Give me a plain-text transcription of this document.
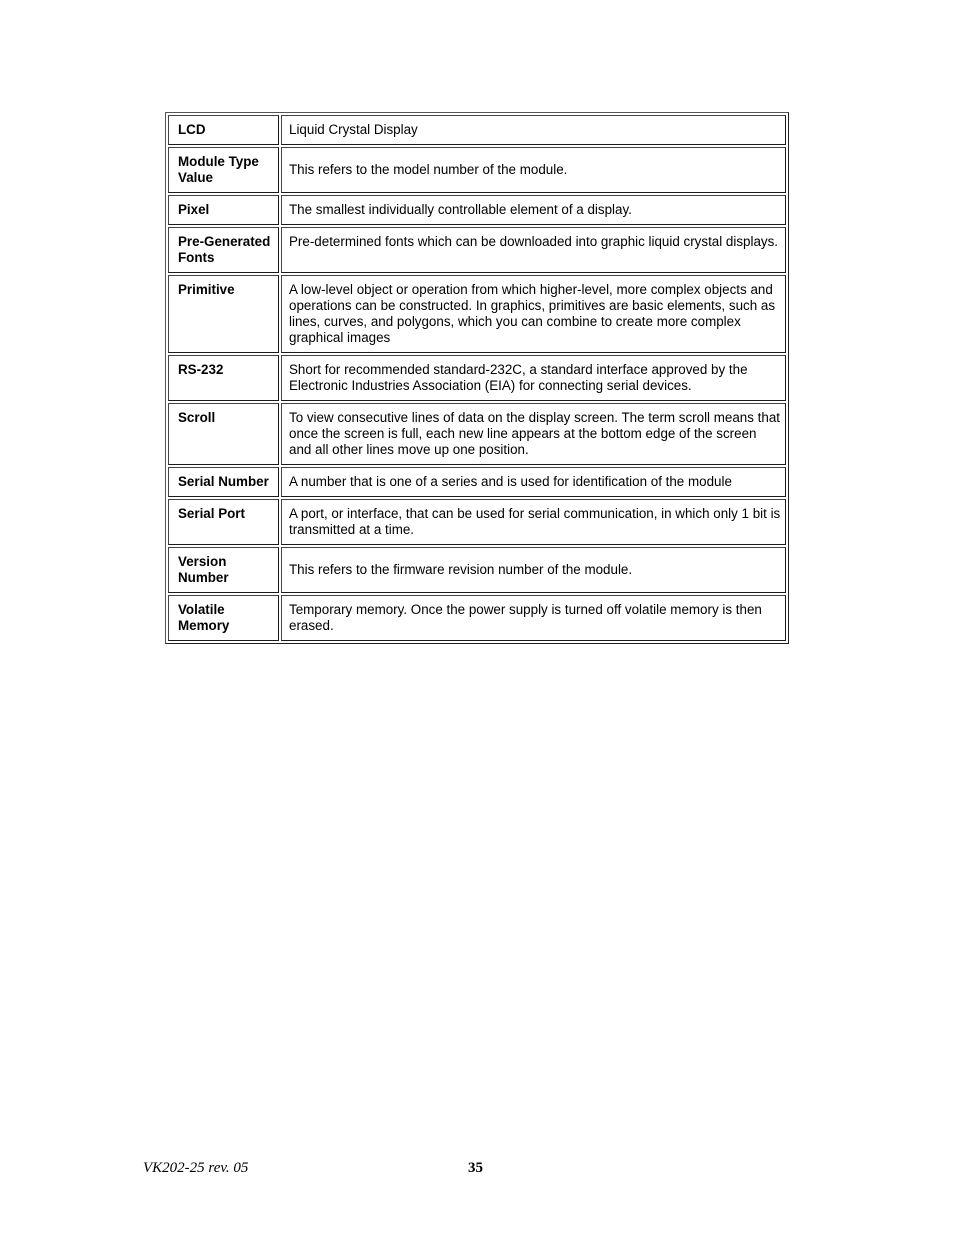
LCD	Liquid Crystal Display
Module Type Value	This refers to the model number of the module.
Pixel	The smallest individually controllable element of a display.
Pre-Generated Fonts	Pre-determined fonts which can be downloaded into graphic liquid crystal displays.
Primitive	A low-level object or operation from which higher-level, more complex objects and operations can be constructed. In graphics, primitives are basic elements, such as lines, curves, and polygons, which you can combine to create more complex graphical images
RS-232	Short for recommended standard-232C, a standard interface approved by the Electronic Industries Association (EIA) for connecting serial devices.
Scroll	To view consecutive lines of data on the display screen. The term scroll means that once the screen is full, each new line appears at the bottom edge of the screen and all other lines move up one position.
Serial Number	A number that is one of a series and is used for identification of the module
Serial Port	A port, or interface, that can be used for serial communication, in which only 1 bit is transmitted at a time.
Version Number	This refers to the firmware revision number of the module.
Volatile Memory	Temporary memory. Once the power supply is turned off volatile memory is then erased.
VK202-25 rev. 05	35
